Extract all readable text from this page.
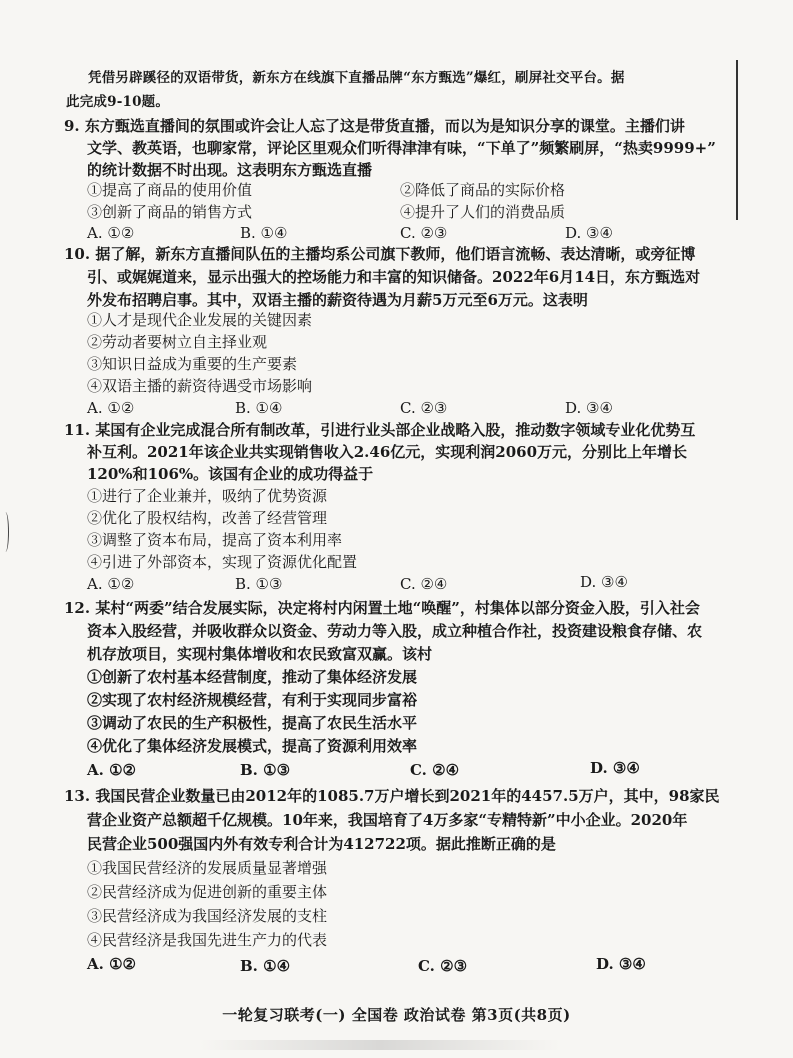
凭借另辟蹊径的双语带货，新东方在线旗下直播品牌“东方甄选”爆红，刷屏社交平台。据
此完成9-10题。
9. 东方甄选直播间的氛围或许会让人忘了这是带货直播，而以为是知识分享的课堂。主播们讲
文学、教英语，也聊家常，评论区里观众们听得津津有味，“下单了”频繁刷屏，“热卖9999+”
的统计数据不时出现。这表明东方甄选直播
①提高了商品的使用价值	②降低了商品的实际价格
③创新了商品的销售方式	④提升了人们的消费品质
A. ①②	B. ①④	C. ②③	D. ③④
10. 据了解，新东方直播间队伍的主播均系公司旗下教师，他们语言流畅、表达清晰，或旁征博
引、或娓娓道来，显示出强大的控场能力和丰富的知识储备。2022年6月14日，东方甄选对
外发布招聘启事。其中，双语主播的薪资待遇为月薪5万元至6万元。这表明
①人才是现代企业发展的关键因素
②劳动者要树立自主择业观
③知识日益成为重要的生产要素
④双语主播的薪资待遇受市场影响
A. ①②	B. ①④	C. ②③	D. ③④
11. 某国有企业完成混合所有制改革，引进行业头部企业战略入股，推动数字领域专业化优势互
补互利。2021年该企业共实现销售收入2.46亿元，实现利润2060万元，分别比上年增长
120%和106%。该国有企业的成功得益于
①进行了企业兼并，吸纳了优势资源
②优化了股权结构，改善了经营管理
③调整了资本布局，提高了资本利用率
④引进了外部资本，实现了资源优化配置
A. ①②	B. ①③	C. ②④	D. ③④
12. 某村“两委”结合发展实际，决定将村内闲置土地“唤醒”，村集体以部分资金入股，引入社会
资本入股经营，并吸收群众以资金、劳动力等入股，成立种植合作社，投资建设粮食存储、农
机存放项目，实现村集体增收和农民致富双赢。该村
①创新了农村基本经营制度，推动了集体经济发展
②实现了农村经济规模经营，有利于实现同步富裕
③调动了农民的生产积极性，提高了农民生活水平
④优化了集体经济发展模式，提高了资源利用效率
A. ①②	B. ①③	C. ②④	D. ③④
13. 我国民营企业数量已由2012年的1085.7万户增长到2021年的4457.5万户，其中，98家民
营企业资产总额超千亿规模。10年来，我国培育了4万多家“专精特新”中小企业。2020年
民营企业500强国内外有效专利合计为412722项。据此推断正确的是
①我国民营经济的发展质量显著增强
②民营经济成为促进创新的重要主体
③民营经济成为我国经济发展的支柱
④民营经济是我国先进生产力的代表
A. ①②	B. ①④	C. ②③	D. ③④
一轮复习联考(一) 全国卷 政治试卷 第3页(共8页)
